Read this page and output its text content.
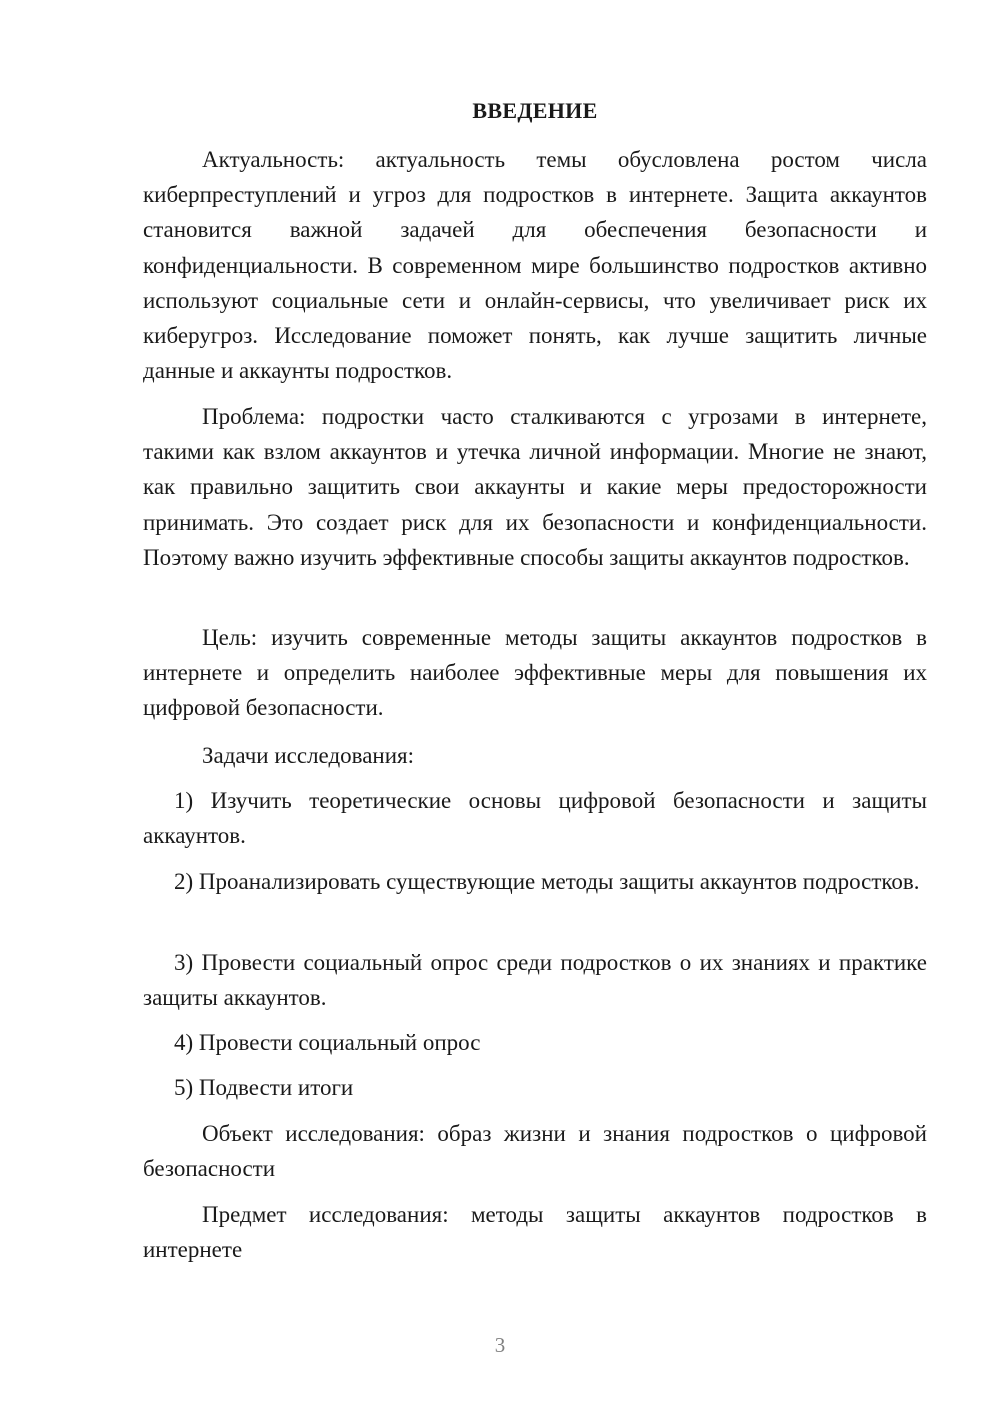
ВВЕДЕНИЕ

Актуальность: актуальность темы обусловлена ростом числа киберпреступлений и угроз для подростков в интернете. Защита аккаунтов становится важной задачей для обеспечения безопасности и конфиденциальности. В современном мире большинство подростков активно используют социальные сети и онлайн-сервисы, что увеличивает риск их киберугроз. Исследование поможет понять, как лучше защитить личные данные и аккаунты подростков.

Проблема: подростки часто сталкиваются с угрозами в интернете, такими как взлом аккаунтов и утечка личной информации. Многие не знают, как правильно защитить свои аккаунты и какие меры предосторожности принимать. Это создает риск для их безопасности и конфиденциальности. Поэтому важно изучить эффективные способы защиты аккаунтов подростков.

Цель: изучить современные методы защиты аккаунтов подростков в интернете и определить наиболее эффективные меры для повышения их цифровой безопасности.

Задачи исследования:

1) Изучить теоретические основы цифровой безопасности и защиты аккаунтов.

2) Проанализировать существующие методы защиты аккаунтов подростков.

3) Провести социальный опрос среди подростков о их знаниях и практике защиты аккаунтов.

4) Провести социальный опрос

5) Подвести итоги

Объект исследования: образ жизни и знания подростков о цифровой безопасности

Предмет исследования: методы защиты аккаунтов подростков в интернете

3
